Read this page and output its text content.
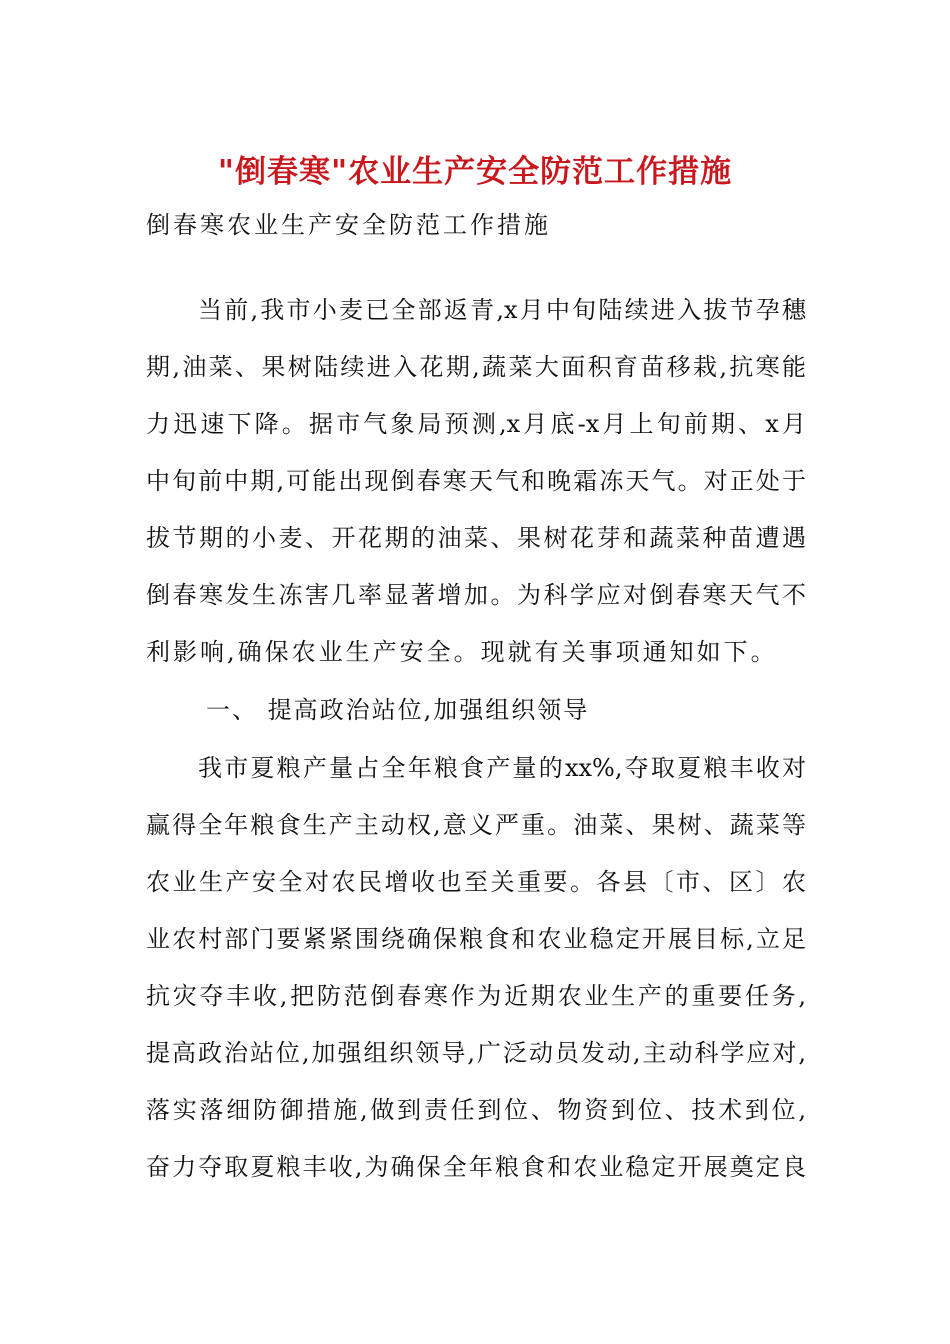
"倒春寒"农业生产安全防范工作措施

倒春寒农业生产安全防范工作措施

当前,我市小麦已全部返青,x月中旬陆续进入拔节孕穗

期,油菜、果树陆续进入花期,蔬菜大面积育苗移栽,抗寒能

力迅速下降。据市气象局预测,x月底-x月上旬前期、x月

中旬前中期,可能出现倒春寒天气和晚霜冻天气。对正处于

拔节期的小麦、开花期的油菜、果树花芽和蔬菜种苗遭遇

倒春寒发生冻害几率显著增加。为科学应对倒春寒天气不

利影响,确保农业生产安全。现就有关事项通知如下。

一、 提高政治站位,加强组织领导

我市夏粮产量占全年粮食产量的xx%,夺取夏粮丰收对

赢得全年粮食生产主动权,意义严重。油菜、果树、蔬菜等

农业生产安全对农民增收也至关重要。各县〔市、区〕农

业农村部门要紧紧围绕确保粮食和农业稳定开展目标,立足

抗灾夺丰收,把防范倒春寒作为近期农业生产的重要任务,

提高政治站位,加强组织领导,广泛动员发动,主动科学应对,

落实落细防御措施,做到责任到位、物资到位、技术到位,

奋力夺取夏粮丰收,为确保全年粮食和农业稳定开展奠定良
